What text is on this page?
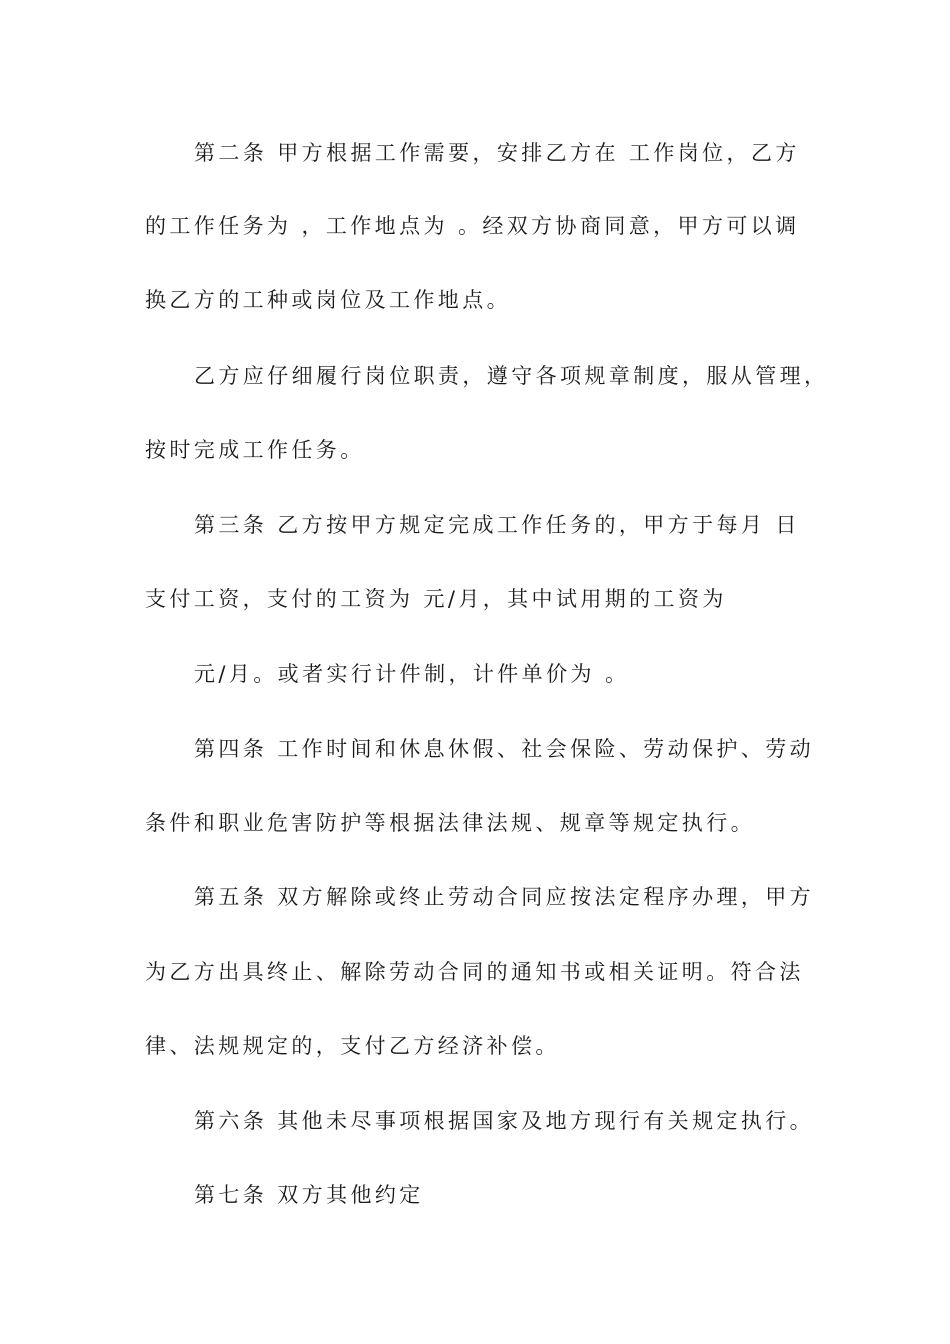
第二条 甲方根据工作需要，安排乙方在 工作岗位，乙方
的工作任务为 ，工作地点为 。经双方协商同意，甲方可以调
换乙方的工种或岗位及工作地点。
乙方应仔细履行岗位职责，遵守各项规章制度，服从管理，
按时完成工作任务。
第三条 乙方按甲方规定完成工作任务的，甲方于每月 日
支付工资，支付的工资为 元/月，其中试用期的工资为
元/月。或者实行计件制，计件单价为 。
第四条 工作时间和休息休假、社会保险、劳动保护、劳动
条件和职业危害防护等根据法律法规、规章等规定执行。
第五条 双方解除或终止劳动合同应按法定程序办理，甲方
为乙方出具终止、解除劳动合同的通知书或相关证明。符合法
律、法规规定的，支付乙方经济补偿。
第六条 其他未尽事项根据国家及地方现行有关规定执行。
第七条 双方其他约定
